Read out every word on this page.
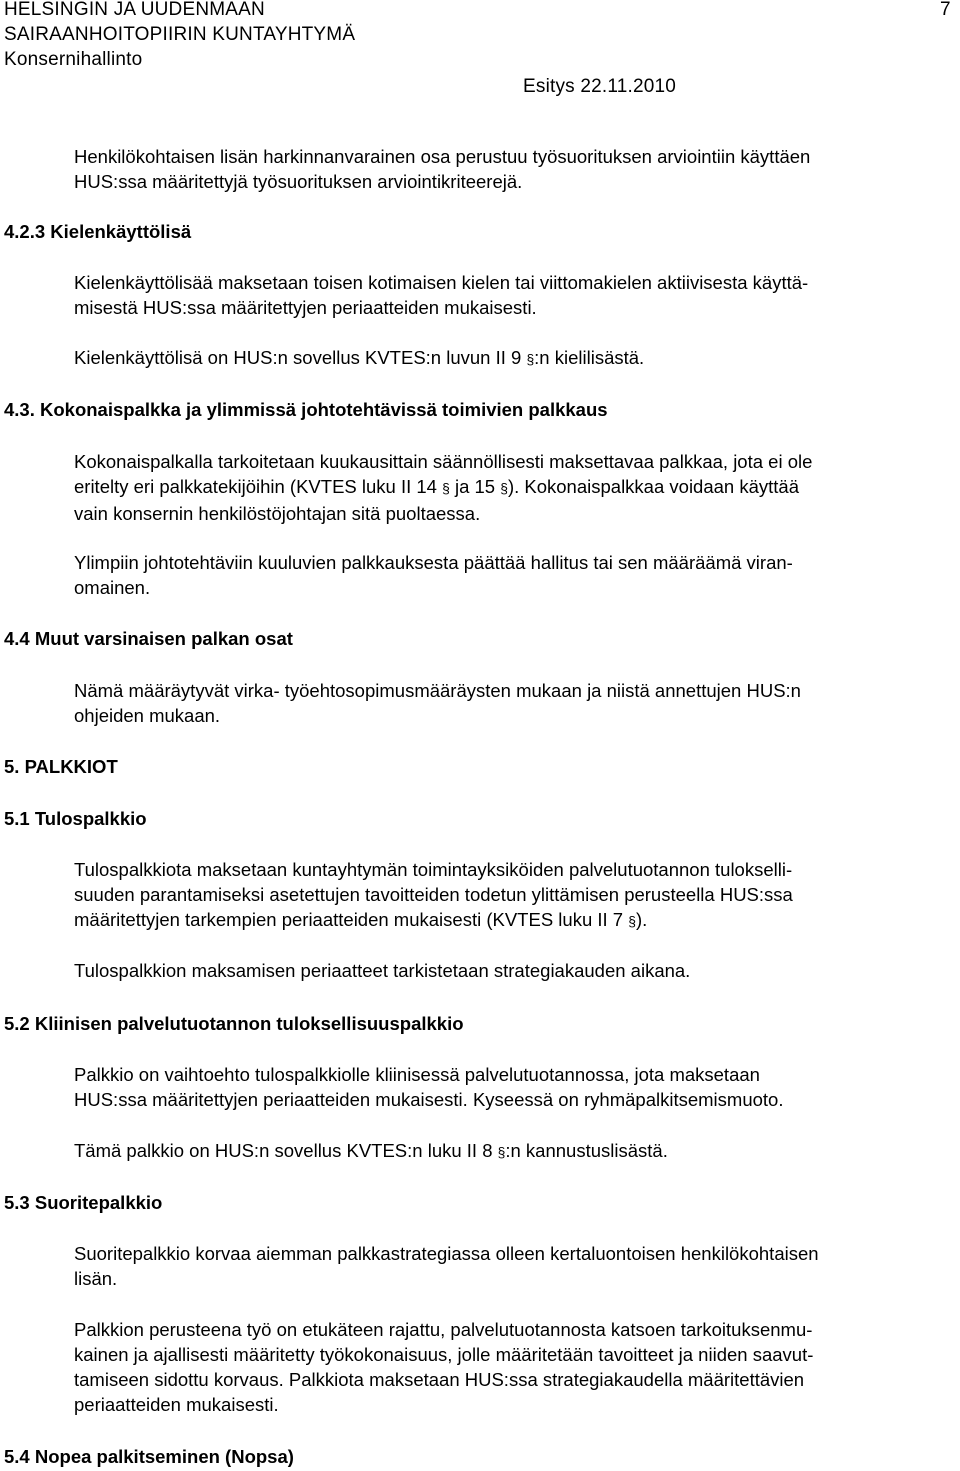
HELSINGIN JA UUDENMAAN
SAIRAANHOITOPIIRIN KUNTAYHTYMÄ
Konsernihallinto
7
Esitys 22.11.2010
Henkilökohtaisen lisän harkinnanvarainen osa perustuu työsuorituksen arviointiin käyttäen
HUS:ssa määritettyjä työsuorituksen arviointikriteerejä.
4.2.3 Kielenkäyttölisä
Kielenkäyttölisää maksetaan toisen kotimaisen kielen tai viittomakielen aktiivisesta käyttä-
misestä HUS:ssa määritettyjen periaatteiden mukaisesti.
Kielenkäyttölisä on HUS:n sovellus KVTES:n luvun II 9 §:n kielilisästä.
4.3. Kokonaispalkka ja ylimmissä johtotehtävissä toimivien palkkaus
Kokonaispalkalla tarkoitetaan kuukausittain säännöllisesti maksettavaa palkkaa, jota ei ole
eritelty eri palkkatekijöihin (KVTES luku II 14 § ja 15 §). Kokonaispalkkaa voidaan käyttää
vain konsernin henkilöstöjohtajan sitä puoltaessa.
Ylimpiin johtotehtäviin kuuluvien palkkauksesta päättää hallitus tai sen määräämä viran-
omainen.
4.4 Muut varsinaisen palkan osat
Nämä määräytyvät virka- työehtosopimusmääräysten mukaan ja niistä annettujen HUS:n
ohjeiden mukaan.
5. PALKKIOT
5.1 Tulospalkkio
Tulospalkkiota maksetaan kuntayhtymän toimintayksiköiden palvelutuotannon tulokselli-
suuden parantamiseksi asetettujen tavoitteiden todetun ylittämisen perusteella HUS:ssa
määritettyjen tarkempien periaatteiden mukaisesti (KVTES luku II 7 §).
Tulospalkkion maksamisen periaatteet tarkistetaan strategiakauden aikana.
5.2 Kliinisen palvelutuotannon tuloksellisuuspalkkio
Palkkio on vaihtoehto tulospalkkiolle kliinisessä palvelutuotannossa, jota maksetaan
HUS:ssa määritettyjen periaatteiden mukaisesti. Kyseessä on ryhmäpalkitsemismuoto.
Tämä palkkio on HUS:n sovellus KVTES:n luku II 8 §:n kannustuslisästä.
5.3 Suoritepalkkio
Suoritepalkkio korvaa aiemman palkkastrategiassa olleen kertaluontoisen henkilökohtaisen
lisän.
Palkkion perusteena työ on etukäteen rajattu, palvelutuotannosta katsoen tarkoituksenmu-
kainen ja ajallisesti määritetty työkokonaisuus, jolle määritetään tavoitteet ja niiden saavut-
tamiseen sidottu korvaus. Palkkiota maksetaan HUS:ssa strategiakaudella määritettävien
periaatteiden mukaisesti.
5.4 Nopea palkitseminen (Nopsa)
